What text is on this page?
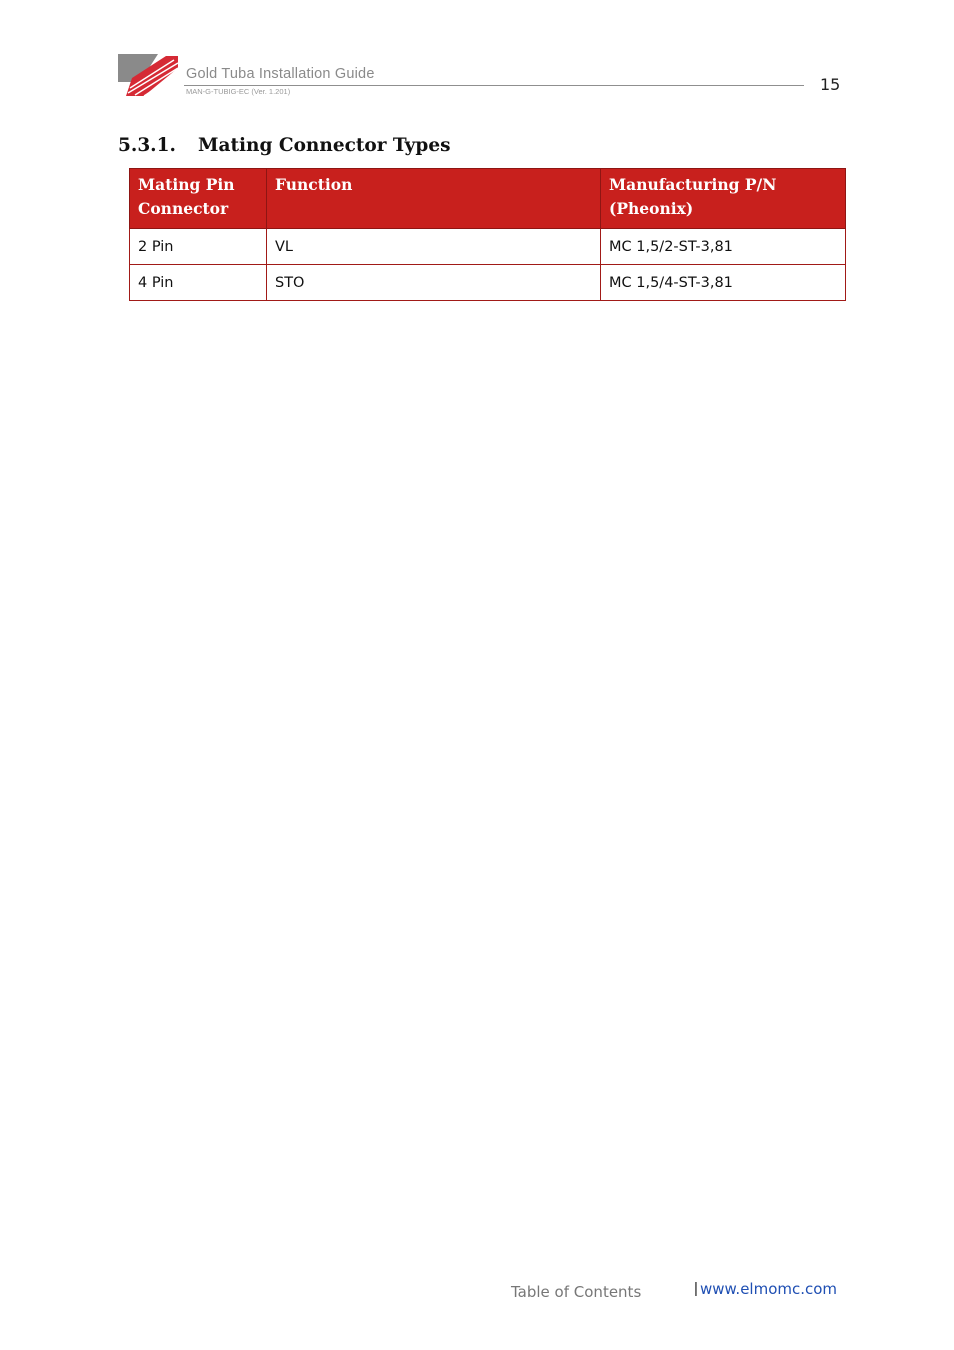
Gold Tuba Installation Guide
MAN-G-TUBIG-EC (Ver. 1.201)	15
5.3.1. Mating Connector Types
Mating Pin Connector	Function	Manufacturing P/N (Pheonix)
2 Pin	VL	MC 1,5/2-ST-3,81
4 Pin	STO	MC 1,5/4-ST-3,81
Table of Contents	| www.elmomc.com
